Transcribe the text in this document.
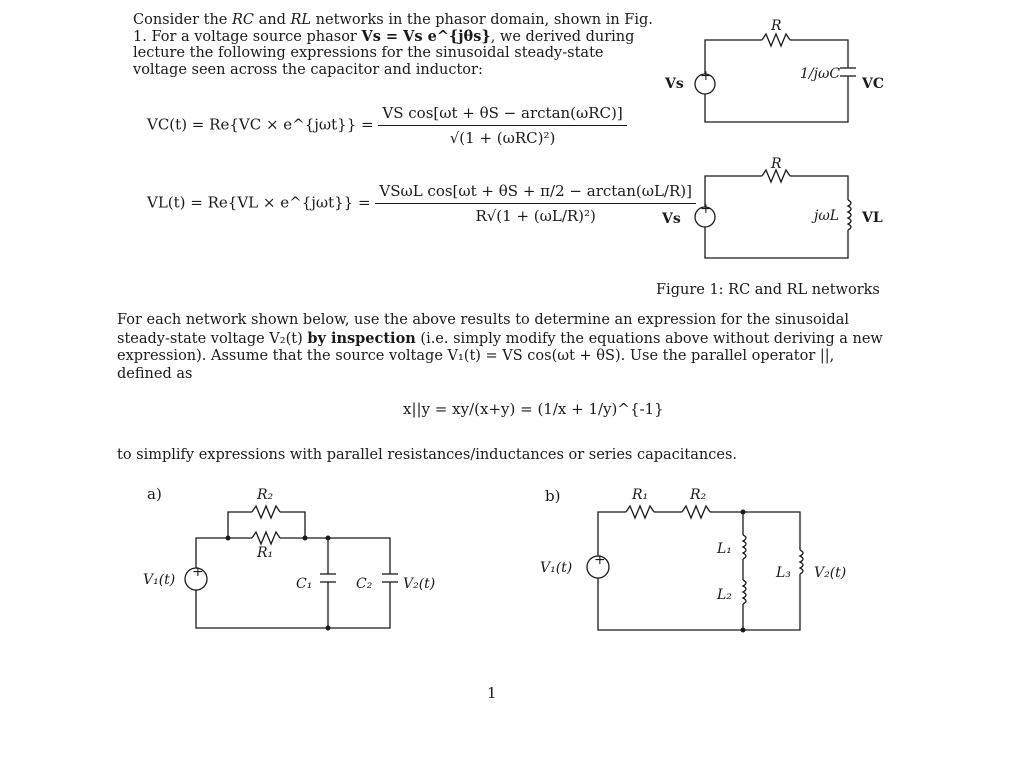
Consider the RC and RL networks in the phasor domain, shown in Fig. 1. For a voltage source phasor Vs = Vs e^{jθs}, we derived during lecture the following expressions for the sinusoidal steady-state voltage seen across the capacitor and inductor:
VC(t) = Re{VC × e^{jωt}} = $\frac{\text{VS cos[ωt + θS − arctan(ωRC)]}}{\text{√(1 + (ωRC)²)}}$
VL(t) = Re{VL × e^{jωt}} = $\frac{\text{VSωL cos[ωt + θS + π/2 − arctan(ωL/R)]}}{\text{R√(1 + (ωL/R)²)}}$
Vs
R
1/jωC
VC
+
Vs
R
jωL VL
+
Figure 1: RC and RL networks
For each network shown below, use the above results to determine an expression for the sinusoidal steady-state voltage V₂(t) by inspection (i.e. simply modify the equations above without deriving a new expression). Assume that the source voltage V₁(t) = VS cos(ωt + θS). Use the parallel operator ||, defined as
x||y = xy/(x+y) = (1/x + 1/y)^{-1}
to simplify expressions with parallel resistances/inductances or series capacitances.
a)	b)
V₁(t)
R₂
R₁
C₁	C₂ V₂(t)
+	V₁(t)
R₁	R₂
L₁
L₂
L₃ V₂(t)
+
1
